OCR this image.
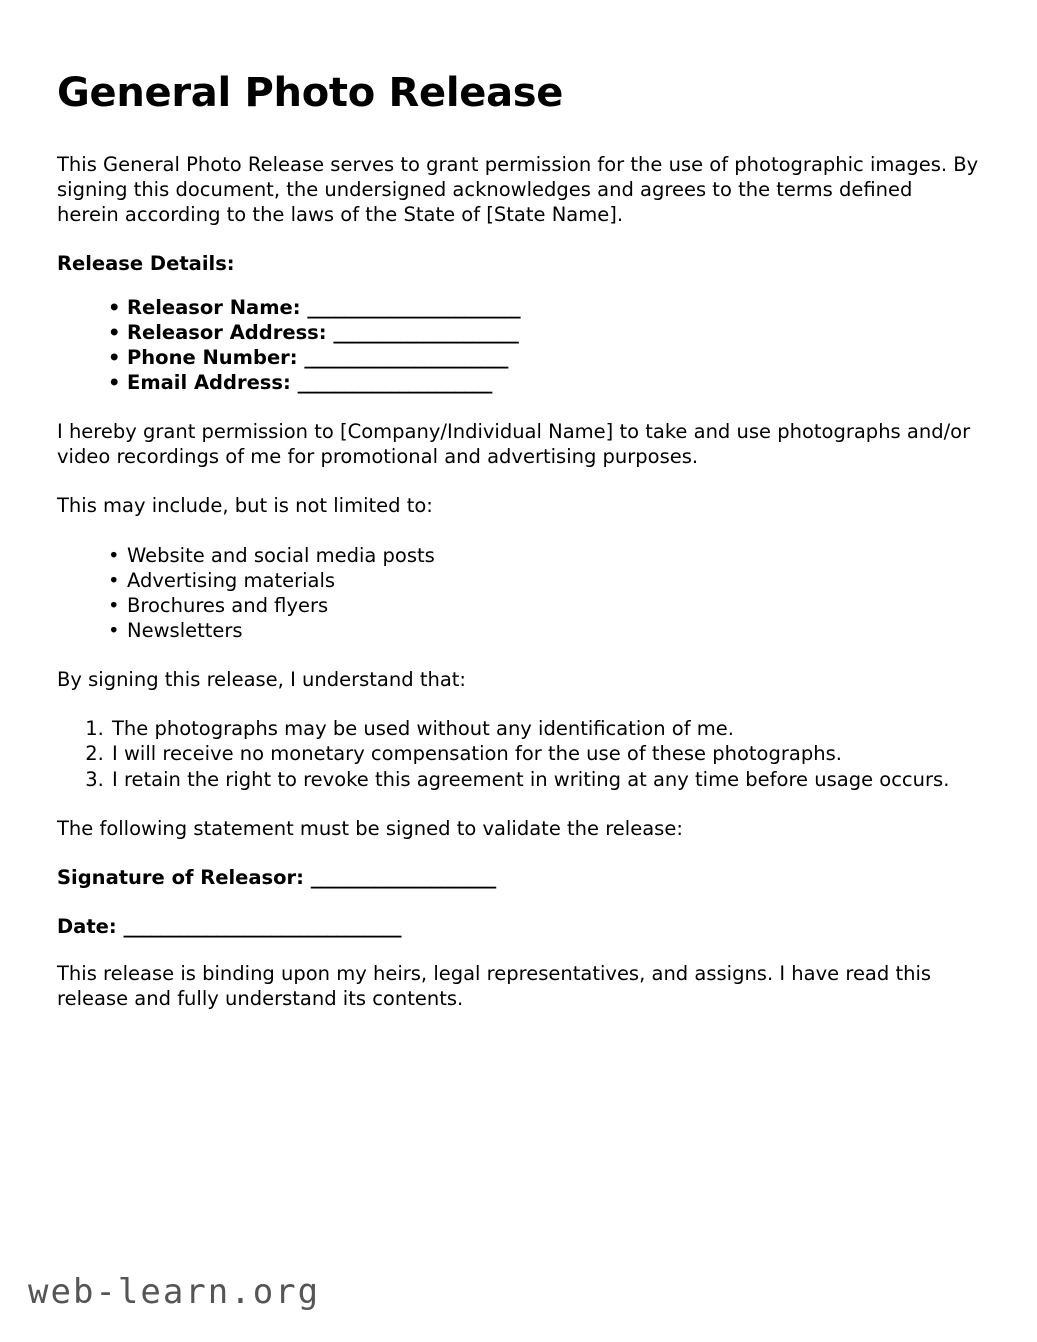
General Photo Release

This General Photo Release serves to grant permission for the use of photographic images. By signing this document, the undersigned acknowledges and agrees to the terms defined herein according to the laws of the State of [State Name].

Release Details:

• Releasor Name: _______________________
• Releasor Address: ____________________
• Phone Number: ______________________
• Email Address: _____________________

I hereby grant permission to [Company/Individual Name] to take and use photographs and/or video recordings of me for promotional and advertising purposes.

This may include, but is not limited to:

• Website and social media posts
• Advertising materials
• Brochures and flyers
• Newsletters

By signing this release, I understand that:

1. The photographs may be used without any identification of me.
2. I will receive no monetary compensation for the use of these photographs.
3. I retain the right to revoke this agreement in writing at any time before usage occurs.

The following statement must be signed to validate the release:

Signature of Releasor: ____________________

Date: ______________________________

This release is binding upon my heirs, legal representatives, and assigns. I have read this release and fully understand its contents.

web-learn.org
